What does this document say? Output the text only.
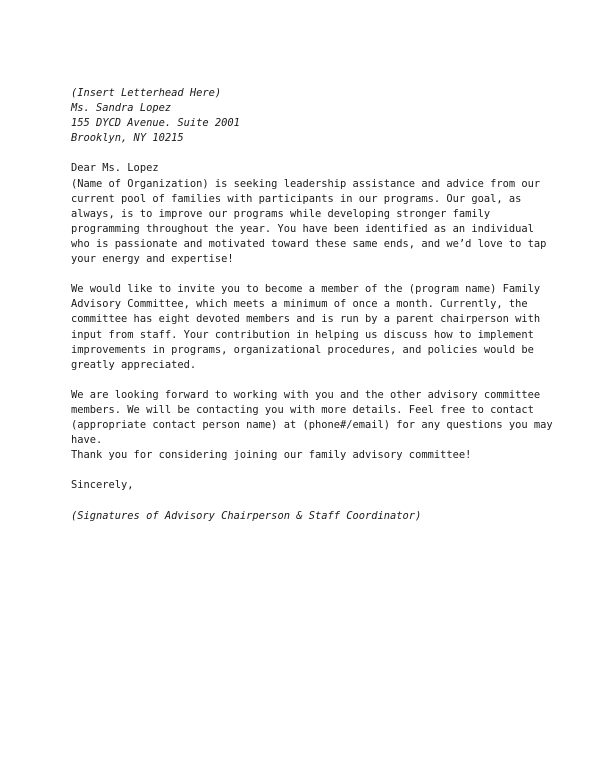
(Insert Letterhead Here)
Ms. Sandra Lopez
155 DYCD Avenue. Suite 2001
Brooklyn, NY 10215
Dear Ms. Lopez
(Name of Organization) is seeking leadership assistance and advice from our
current pool of families with participants in our programs. Our goal, as
always, is to improve our programs while developing stronger family
programming throughout the year. You have been identified as an individual
who is passionate and motivated toward these same ends, and we’d love to tap
your energy and expertise!
We would like to invite you to become a member of the (program name) Family
Advisory Committee, which meets a minimum of once a month. Currently, the
committee has eight devoted members and is run by a parent chairperson with
input from staff. Your contribution in helping us discuss how to implement
improvements in programs, organizational procedures, and policies would be
greatly appreciated.
We are looking forward to working with you and the other advisory committee
members. We will be contacting you with more details. Feel free to contact
(appropriate contact person name) at (phone#/email) for any questions you may
have.
Thank you for considering joining our family advisory committee!
Sincerely,
(Signatures of Advisory Chairperson & Staff Coordinator)
